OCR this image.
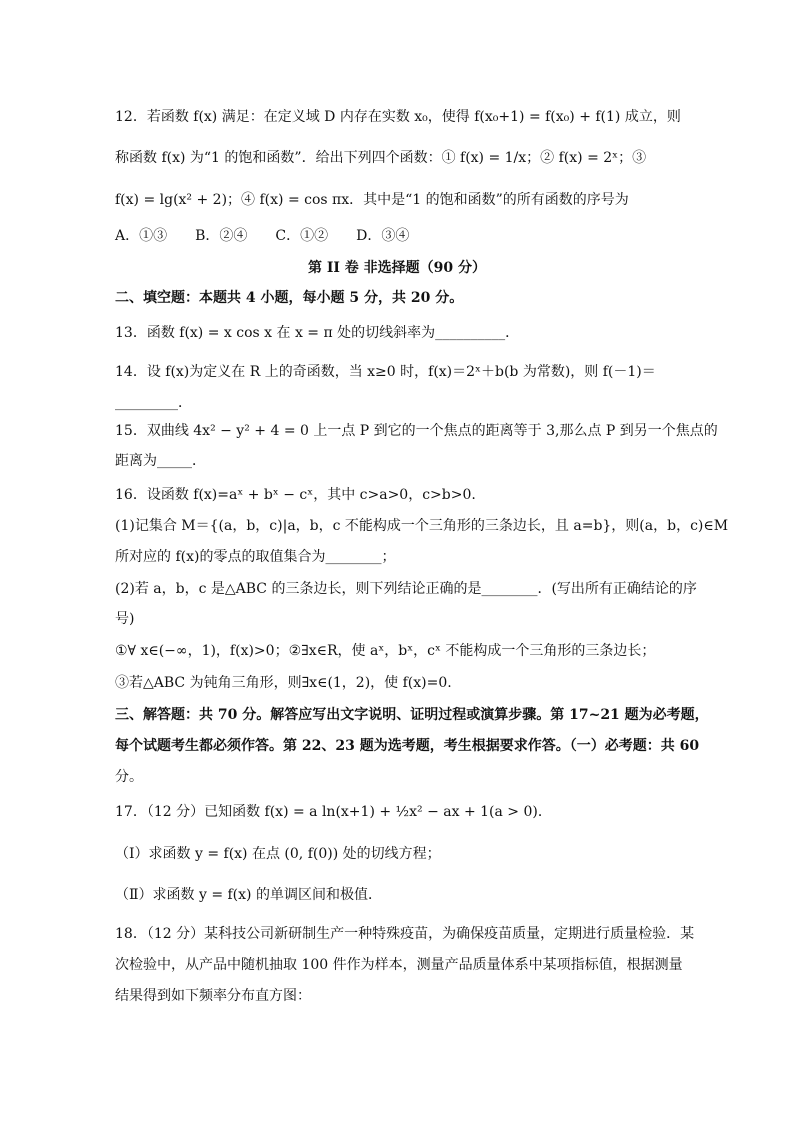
12．若函数 f(x) 满足：在定义域 D 内存在实数 x₀，使得 f(x₀+1) = f(x₀) + f(1) 成立，则
称函数 f(x) 为“1 的饱和函数”．给出下列四个函数：① f(x) = 1/x；② f(x) = 2ˣ；③
f(x) = lg(x² + 2)；④ f(x) = cos πx．其中是“1 的饱和函数”的所有函数的序号为
A．①③　　B．②④　　C．①②　　D．③④
第 II 卷 非选择题（90 分）
二、填空题：本题共 4 小题，每小题 5 分，共 20 分。
13．函数 f(x) = x cos x 在 x = π 处的切线斜率为__________．
14．设 f(x)为定义在 R 上的奇函数，当 x≥0 时，f(x)＝2ˣ＋b(b 为常数)，则 f(－1)＝
_________．
15．双曲线 4x² − y² + 4 = 0 上一点 P 到它的一个焦点的距离等于 3,那么点 P 到另一个焦点的
距离为_____．
16．设函数 f(x)=aˣ + bˣ − cˣ，其中 c>a>0，c>b>0.
(1)记集合 M＝{(a，b，c)|a，b，c 不能构成一个三角形的三条边长，且 a=b}，则(a，b，c)∈M
所对应的 f(x)的零点的取值集合为________；
(2)若 a，b，c 是△ABC 的三条边长，则下列结论正确的是________．(写出所有正确结论的序
号)
①∀ x∈(−∞，1)，f(x)>0；②∃x∈R，使 aˣ，bˣ，cˣ 不能构成一个三角形的三条边长；
③若△ABC 为钝角三角形，则∃x∈(1，2)，使 f(x)=0.
三、解答题：共 70 分。解答应写出文字说明、证明过程或演算步骤。第 17~21 题为必考题，
每个试题考生都必须作答。第 22、23 题为选考题，考生根据要求作答。（一）必考题：共 60
分。
17．（12 分）已知函数 f(x) = a ln(x+1) + ½x² − ax + 1(a > 0)．
（Ⅰ）求函数 y = f(x) 在点 (0, f(0)) 处的切线方程；
（Ⅱ）求函数 y = f(x) 的单调区间和极值．
18．（12 分）某科技公司新研制生产一种特殊疫苗，为确保疫苗质量，定期进行质量检验．某
次检验中，从产品中随机抽取 100 件作为样本，测量产品质量体系中某项指标值，根据测量
结果得到如下频率分布直方图：
